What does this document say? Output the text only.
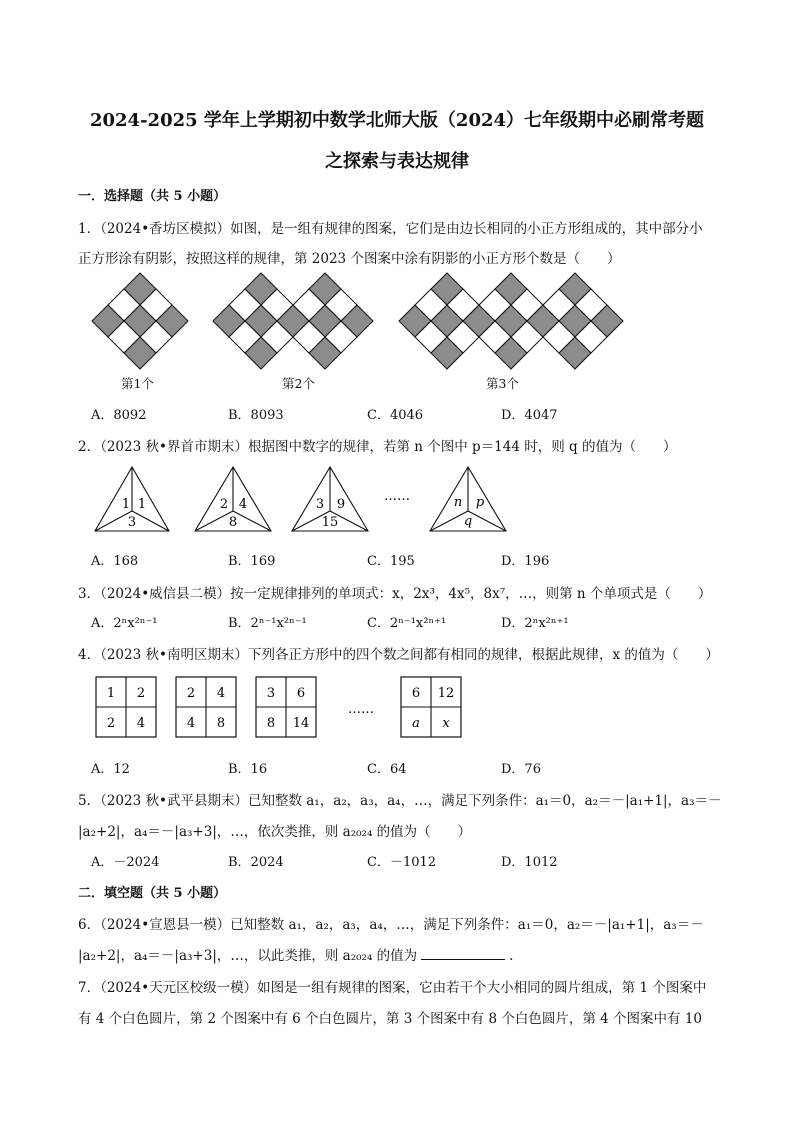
2024-2025 学年上学期初中数学北师大版（2024）七年级期中必刷常考题
之探索与表达规律
一．选择题（共 5 小题）
1．（2024•香坊区模拟）如图，是一组有规律的图案，它们是由边长相同的小正方形组成的，其中部分小
正方形涂有阴影，按照这样的规律，第 2023 个图案中涂有阴影的小正方形个数是（　　）
第1个	第2个	第3个
A．8092	B．8093	C．4046	D．4047
2．（2023 秋•界首市期末）根据图中数字的规律，若第 n 个图中 p＝144 时，则 q 的值为（　　）
1 1
3
2 4
8
3 9
15
……	n p
q
A．168	B．169	C．195	D．196
3．（2024•威信县二模）按一定规律排列的单项式：x，2x³，4x⁵，8x⁷，…，则第 n 个单项式是（　　）
A．2ⁿx²ⁿ⁻¹	B．2ⁿ⁻¹x²ⁿ⁻¹	C．2ⁿ⁻¹x²ⁿ⁺¹	D．2ⁿx²ⁿ⁺¹
4．（2023 秋•南明区期末）下列各正方形中的四个数之间都有相同的规律，根据此规律，x 的值为（　　）
1 2
2 4
2 4
4 8
3 6
8 14
……
6 12
a x
A．12	B．16	C．64	D．76
5．（2023 秋•武平县期末）已知整数 a₁，a₂，a₃，a₄，…，满足下列条件：a₁＝0，a₂＝－|a₁+1|，a₃＝－
|a₂+2|，a₄＝－|a₃+3|，…，依次类推，则 a₂₀₂₄ 的值为（　　）
A．－2024	B．2024	C．－1012	D．1012
二．填空题（共 5 小题）
6．（2024•宣恩县一模）已知整数 a₁，a₂，a₃，a₄，…，满足下列条件：a₁＝0，a₂＝－|a₁+1|，a₃＝－
|a₂+2|，a₄＝－|a₃+3|，…，以此类推，则 a₂₀₂₄ 的值为	.
7．（2024•天元区校级一模）如图是一组有规律的图案，它由若干个大小相同的圆片组成，第 1 个图案中
有 4 个白色圆片，第 2 个图案中有 6 个白色圆片，第 3 个图案中有 8 个白色圆片，第 4 个图案中有 10
